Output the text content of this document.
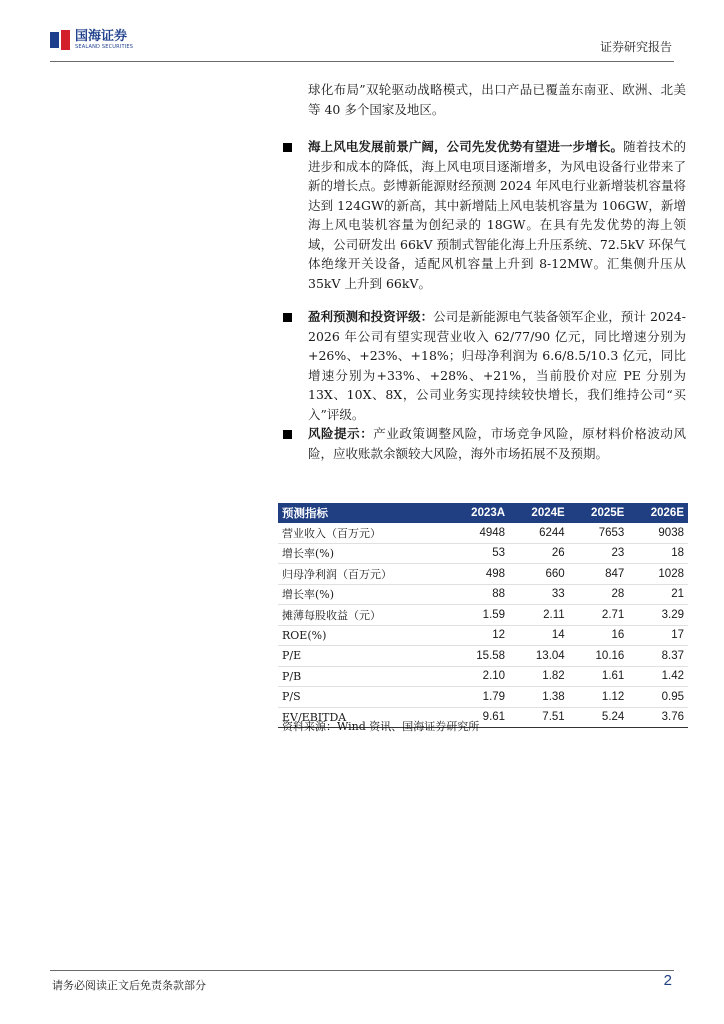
国海证券
SEALAND SECURITIES	证券研究报告
球化布局”双轮驱动战略模式，出口产品已覆盖东南亚、欧洲、北美等 40 多个国家及地区。
海上风电发展前景广阔，公司先发优势有望进一步增长。随着技术的进步和成本的降低，海上风电项目逐渐增多，为风电设备行业带来了新的增长点。彭博新能源财经预测 2024 年风电行业新增装机容量将达到 124GW的新高，其中新增陆上风电装机容量为 106GW，新增海上风电装机容量为创纪录的 18GW。在具有先发优势的海上领域，公司研发出 66kV 预制式智能化海上升压系统、72.5kV 环保气体绝缘开关设备，适配风机容量上升到 8-12MW。汇集侧升压从 35kV 上升到 66kV。
盈利预测和投资评级：公司是新能源电气装备领军企业，预计 2024-2026 年公司有望实现营业收入 62/77/90 亿元，同比增速分别为+26%、+23%、+18%；归母净利润为 6.6/8.5/10.3 亿元，同比增速分别为+33%、+28%、+21%，当前股价对应 PE 分别为 13X、10X、8X，公司业务实现持续较快增长，我们维持公司“买入”评级。
风险提示：产业政策调整风险，市场竞争风险，原材料价格波动风险，应收账款余额较大风险，海外市场拓展不及预期。
预测指标	2023A	2024E	2025E	2026E
营业收入（百万元）	4948	6244	7653	9038
增长率(%)	53	26	23	18
归母净利润（百万元）	498	660	847	1028
增长率(%)	88	33	28	21
摊薄每股收益（元）	1.59	2.11	2.71	3.29
ROE(%)	12	14	16	17
P/E	15.58	13.04	10.16	8.37
P/B	2.10	1.82	1.61	1.42
P/S	1.79	1.38	1.12	0.95
EV/EBITDA	9.61	7.51	5.24	3.76
资料来源：Wind 资讯、国海证券研究所
请务必阅读正文后免责条款部分	2
